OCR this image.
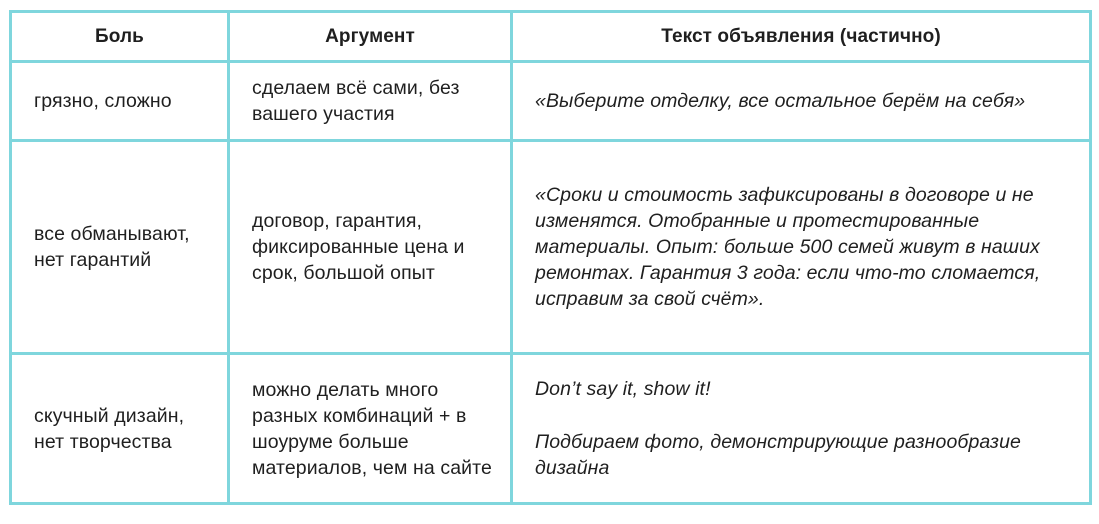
Боль	Аргумент	Текст объявления (частично)
грязно, сложно	сделаем всё сами, без вашего участия	«Выберите отделку, все остальное берём на себя»

все обманывают, нет гарантий	договор, гарантия, фиксированные цена и срок, большой опыт	«Сроки и стоимость зафиксированы в договоре и не изменятся. Отобранные и протестированные материалы. Опыт: больше 500 семей живут в наших ремонтах. Гарантия 3 года: если что-то сломается, исправим за свой счёт».

скучный дизайн, нет творчества	можно делать много разных комбинаций + в шоуруме больше материалов, чем на сайте	Don’t say it, show it!
Подбираем фото, демонстрирующие разнообразие дизайна
